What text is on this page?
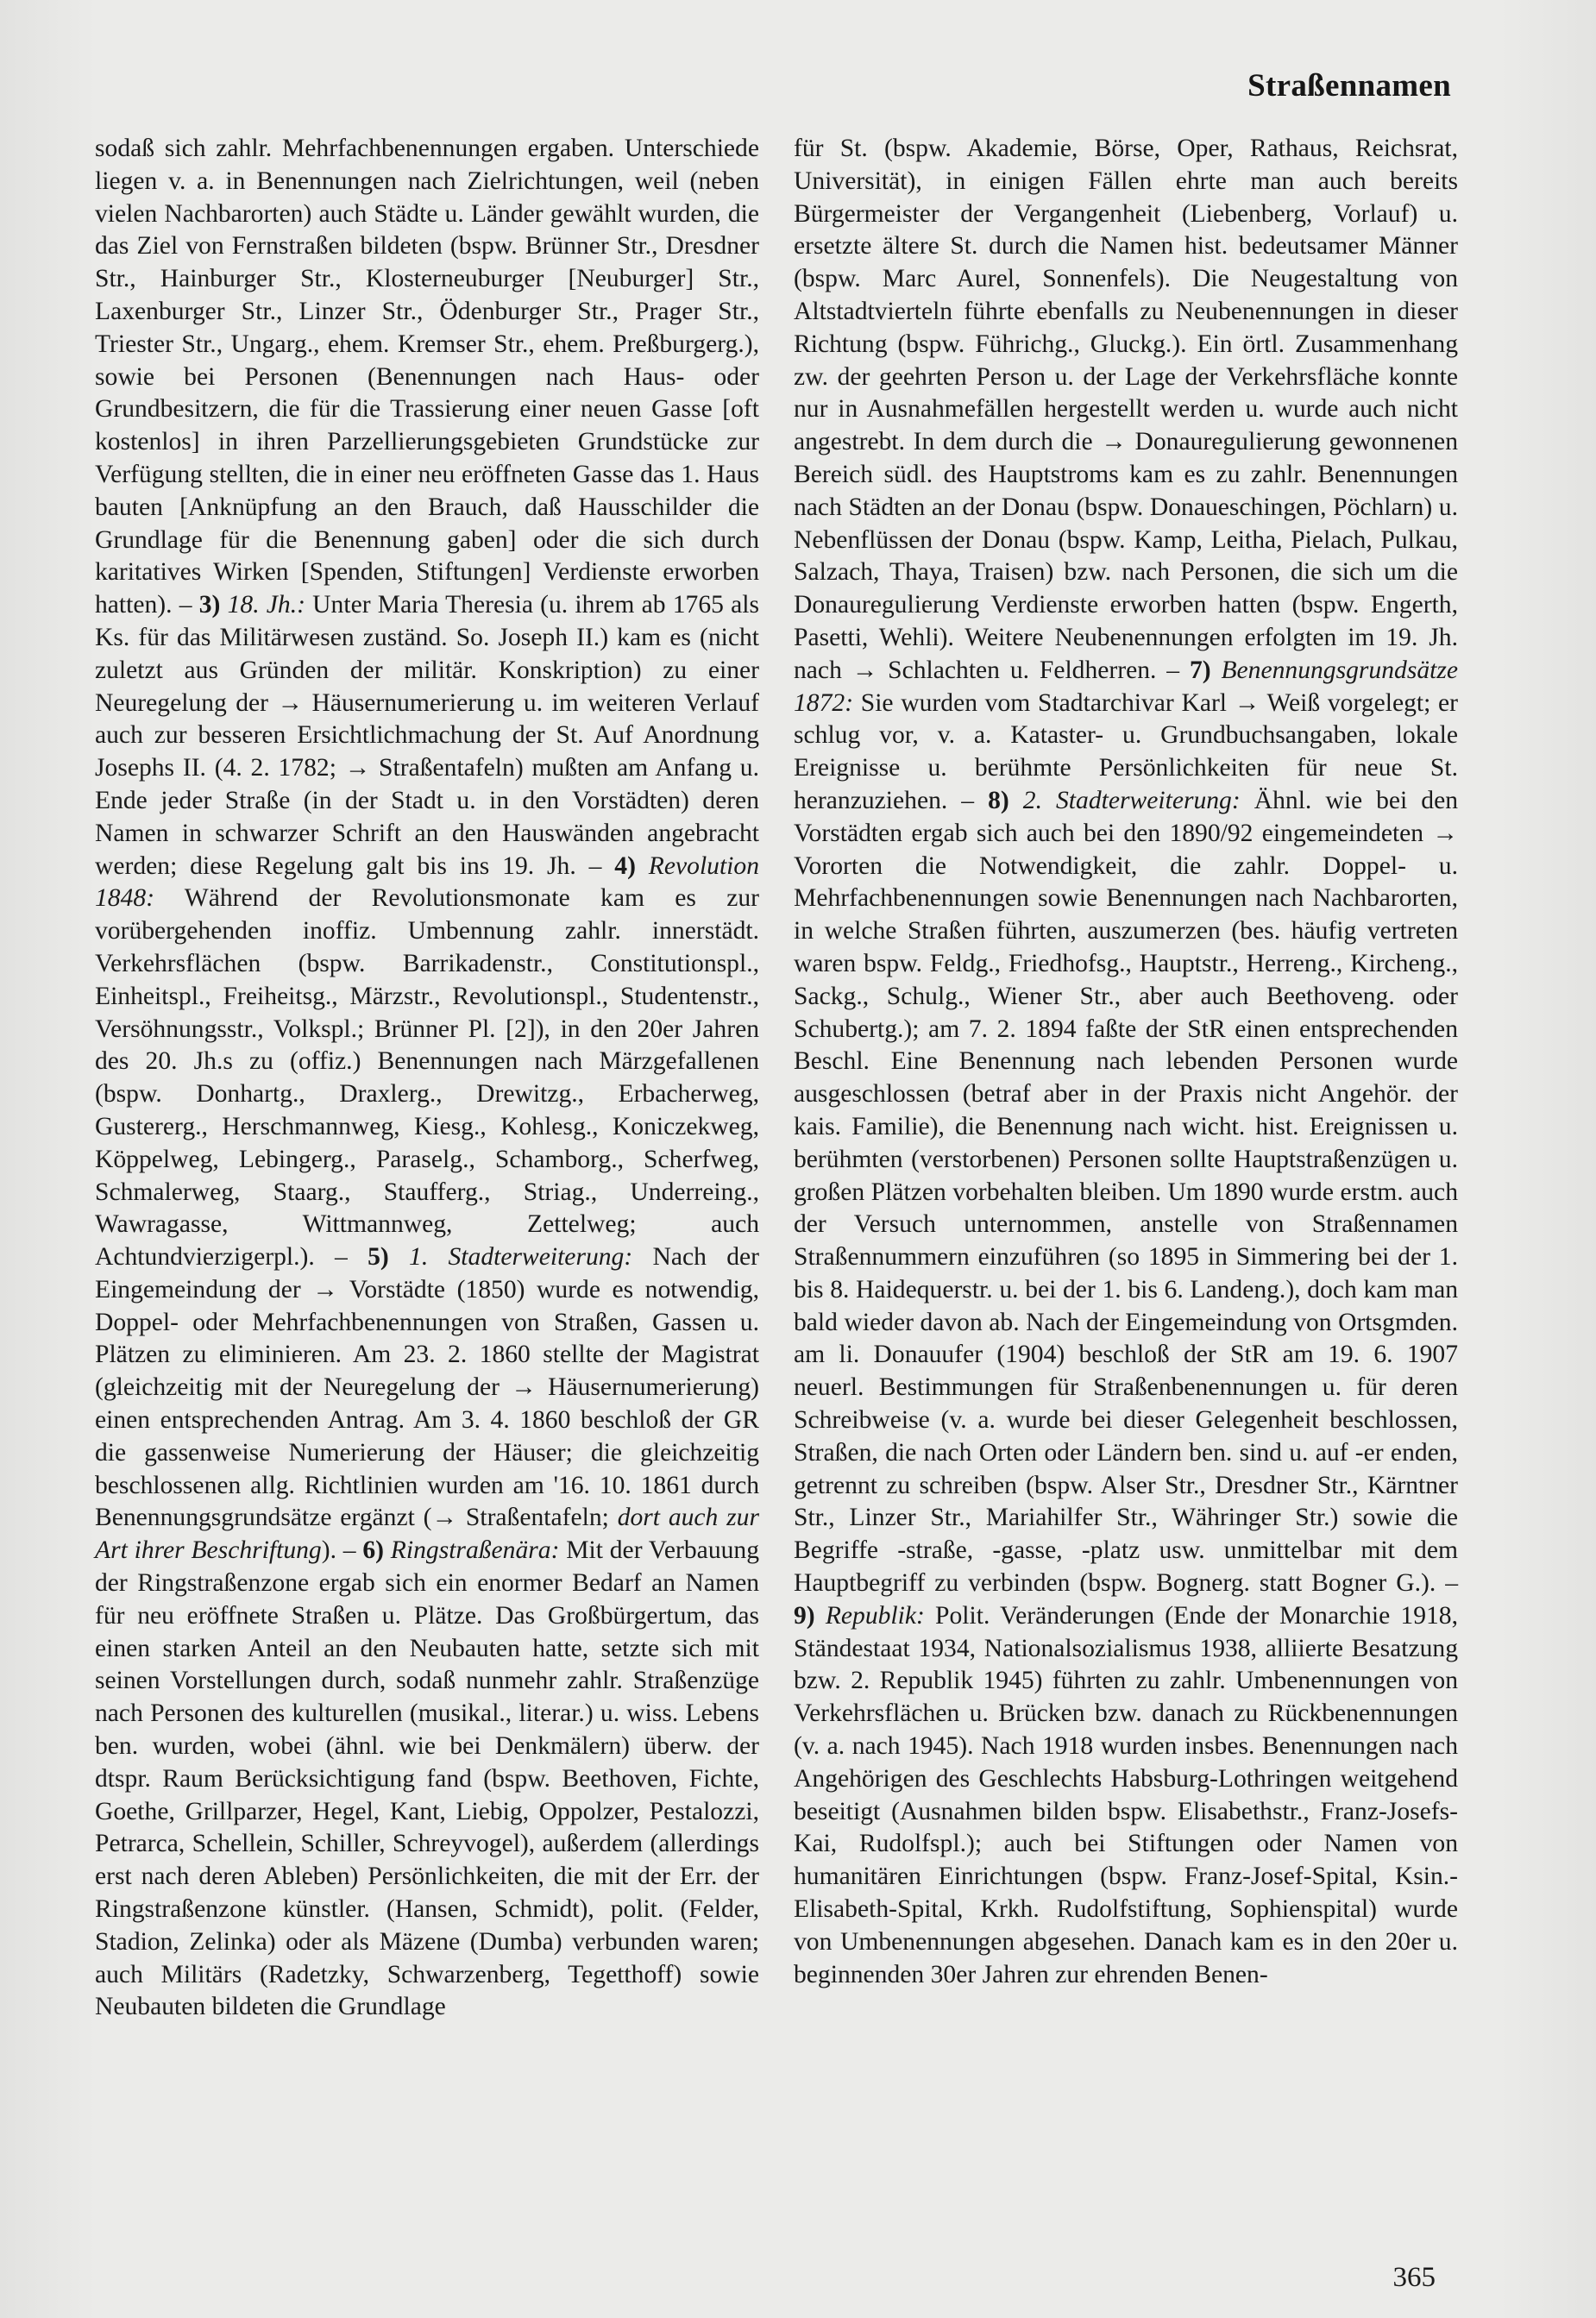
Straßennamen

sodaß sich zahlr. Mehrfachbenennungen ergaben. Unterschiede liegen v. a. in Benennungen nach Zielrichtungen, weil (neben vielen Nachbarorten) auch Städte u. Länder gewählt wurden, die das Ziel von Fernstraßen bildeten (bspw. Brünner Str., Dresdner Str., Hainburger Str., Klosterneuburger [Neuburger] Str., Laxenburger Str., Linzer Str., Ödenburger Str., Prager Str., Triester Str., Ungarg., ehem. Kremser Str., ehem. Preßburgerg.), sowie bei Personen (Benennungen nach Haus- oder Grundbesitzern, die für die Trassierung einer neuen Gasse [oft kostenlos] in ihren Parzellierungsgebieten Grundstücke zur Verfügung stellten, die in einer neu eröffneten Gasse das 1. Haus bauten [Anknüpfung an den Brauch, daß Hausschilder die Grundlage für die Benennung gaben] oder die sich durch karitatives Wirken [Spenden, Stiftungen] Verdienste erworben hatten). – 3) 18. Jh.: Unter Maria Theresia (u. ihrem ab 1765 als Ks. für das Militärwesen zuständ. So. Joseph II.) kam es (nicht zuletzt aus Gründen der militär. Konskription) zu einer Neuregelung der → Häusernumerierung u. im weiteren Verlauf auch zur besseren Ersichtlichmachung der St. Auf Anordnung Josephs II. (4. 2. 1782; → Straßentafeln) mußten am Anfang u. Ende jeder Straße (in der Stadt u. in den Vorstädten) deren Namen in schwarzer Schrift an den Hauswänden angebracht werden; diese Regelung galt bis ins 19. Jh. – 4) Revolution 1848: Während der Revolutionsmonate kam es zur vorübergehenden inoffiz. Umbennung zahlr. innerstädt. Verkehrsflächen (bspw. Barrikadenstr., Constitutionspl., Einheitspl., Freiheitsg., Märzstr., Revolutionspl., Studentenstr., Versöhnungsstr., Volkspl.; Brünner Pl. [2]), in den 20er Jahren des 20. Jh.s zu (offiz.) Benennungen nach Märzgefallenen (bspw. Donhartg., Draxlerg., Drewitzg., Erbacherweg, Gustererg., Herschmannweg, Kiesg., Kohlesg., Koniczekweg, Köppelweg, Lebingerg., Paraselg., Schamborg., Scherfweg, Schmalerweg, Staarg., Staufferg., Striag., Underreing., Wawragasse, Wittmannweg, Zettelweg; auch Achtundvierzigerpl.). – 5) 1. Stadterweiterung: Nach der Eingemeindung der → Vorstädte (1850) wurde es notwendig, Doppel- oder Mehrfachbenennungen von Straßen, Gassen u. Plätzen zu eliminieren. Am 23. 2. 1860 stellte der Magistrat (gleichzeitig mit der Neuregelung der → Häusernumerierung) einen entsprechenden Antrag. Am 3. 4. 1860 beschloß der GR die gassenweise Numerierung der Häuser; die gleichzeitig beschlossenen allg. Richtlinien wurden am '16. 10. 1861 durch Benennungsgrundsätze ergänzt (→ Straßentafeln; dort auch zur Art ihrer Beschriftung). – 6) Ringstraßenära: Mit der Verbauung der Ringstraßenzone ergab sich ein enormer Bedarf an Namen für neu eröffnete Straßen u. Plätze. Das Großbürgertum, das einen starken Anteil an den Neubauten hatte, setzte sich mit seinen Vorstellungen durch, sodaß nunmehr zahlr. Straßenzüge nach Personen des kulturellen (musikal., literar.) u. wiss. Lebens ben. wurden, wobei (ähnl. wie bei Denkmälern) überw. der dtspr. Raum Berücksichtigung fand (bspw. Beethoven, Fichte, Goethe, Grillparzer, Hegel, Kant, Liebig, Oppolzer, Pestalozzi, Petrarca, Schellein, Schiller, Schreyvogel), außerdem (allerdings erst nach deren Ableben) Persönlichkeiten, die mit der Err. der Ringstraßenzone künstler. (Hansen, Schmidt), polit. (Felder, Stadion, Zelinka) oder als Mäzene (Dumba) verbunden waren; auch Militärs (Radetzky, Schwarzenberg, Tegetthoff) sowie Neubauten bildeten die Grundlage

für St. (bspw. Akademie, Börse, Oper, Rathaus, Reichsrat, Universität), in einigen Fällen ehrte man auch bereits Bürgermeister der Vergangenheit (Liebenberg, Vorlauf) u. ersetzte ältere St. durch die Namen hist. bedeutsamer Männer (bspw. Marc Aurel, Sonnenfels). Die Neugestaltung von Altstadtvierteln führte ebenfalls zu Neubenennungen in dieser Richtung (bspw. Führichg., Gluckg.). Ein örtl. Zusammenhang zw. der geehrten Person u. der Lage der Verkehrsfläche konnte nur in Ausnahmefällen hergestellt werden u. wurde auch nicht angestrebt. In dem durch die → Donauregulierung gewonnenen Bereich südl. des Hauptstroms kam es zu zahlr. Benennungen nach Städten an der Donau (bspw. Donaueschingen, Pöchlarn) u. Nebenflüssen der Donau (bspw. Kamp, Leitha, Pielach, Pulkau, Salzach, Thaya, Traisen) bzw. nach Personen, die sich um die Donauregulierung Verdienste erworben hatten (bspw. Engerth, Pasetti, Wehli). Weitere Neubenennungen erfolgten im 19. Jh. nach → Schlachten u. Feldherren. – 7) Benennungsgrundsätze 1872: Sie wurden vom Stadtarchivar Karl → Weiß vorgelegt; er schlug vor, v. a. Kataster- u. Grundbuchsangaben, lokale Ereignisse u. berühmte Persönlichkeiten für neue St. heranzuziehen. – 8) 2. Stadterweiterung: Ähnl. wie bei den Vorstädten ergab sich auch bei den 1890/92 eingemeindeten → Vororten die Notwendigkeit, die zahlr. Doppel- u. Mehrfachbenennungen sowie Benennungen nach Nachbarorten, in welche Straßen führten, auszumerzen (bes. häufig vertreten waren bspw. Feldg., Friedhofsg., Hauptstr., Herreng., Kircheng., Sackg., Schulg., Wiener Str., aber auch Beethoveng. oder Schubertg.); am 7. 2. 1894 faßte der StR einen entsprechenden Beschl. Eine Benennung nach lebenden Personen wurde ausgeschlossen (betraf aber in der Praxis nicht Angehör. der kais. Familie), die Benennung nach wicht. hist. Ereignissen u. berühmten (verstorbenen) Personen sollte Hauptstraßenzügen u. großen Plätzen vorbehalten bleiben. Um 1890 wurde erstm. auch der Versuch unternommen, anstelle von Straßennamen Straßennummern einzuführen (so 1895 in Simmering bei der 1. bis 8. Haidequerstr. u. bei der 1. bis 6. Landeng.), doch kam man bald wieder davon ab. Nach der Eingemeindung von Ortsgmden. am li. Donauufer (1904) beschloß der StR am 19. 6. 1907 neuerl. Bestimmungen für Straßenbenennungen u. für deren Schreibweise (v. a. wurde bei dieser Gelegenheit beschlossen, Straßen, die nach Orten oder Ländern ben. sind u. auf -er enden, getrennt zu schreiben (bspw. Alser Str., Dresdner Str., Kärntner Str., Linzer Str., Mariahilfer Str., Währinger Str.) sowie die Begriffe -straße, -gasse, -platz usw. unmittelbar mit dem Hauptbegriff zu verbinden (bspw. Bognerg. statt Bogner G.). – 9) Republik: Polit. Veränderungen (Ende der Monarchie 1918, Ständestaat 1934, Nationalsozialismus 1938, alliierte Besatzung bzw. 2. Republik 1945) führten zu zahlr. Umbenennungen von Verkehrsflächen u. Brücken bzw. danach zu Rückbenennungen (v. a. nach 1945). Nach 1918 wurden insbes. Benennungen nach Angehörigen des Geschlechts Habsburg-Lothringen weitgehend beseitigt (Ausnahmen bilden bspw. Elisabethstr., Franz-Josefs-Kai, Rudolfspl.); auch bei Stiftungen oder Namen von humanitären Einrichtungen (bspw. Franz-Josef-Spital, Ksin.-Elisabeth-Spital, Krkh. Rudolfstiftung, Sophienspital) wurde von Umbenennungen abgesehen. Danach kam es in den 20er u. beginnenden 30er Jahren zur ehrenden Benen-

365
